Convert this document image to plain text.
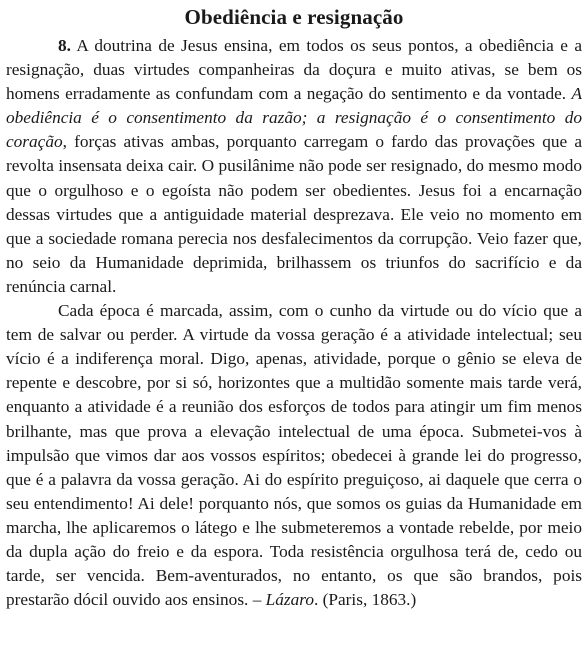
Obediência e resignação

8. A doutrina de Jesus ensina, em todos os seus pontos, a obediência e a resignação, duas virtudes companheiras da doçura e muito ativas, se bem os homens erradamente as confundam com a negação do sentimento e da vontade. A obediência é o consentimento da razão; a resignação é o consentimento do coração, forças ativas ambas, porquanto carregam o fardo das provações que a revolta insensata deixa cair. O pusilânime não pode ser resignado, do mesmo modo que o orgulhoso e o egoísta não podem ser obedientes. Jesus foi a encarnação dessas virtudes que a antiguidade material desprezava. Ele veio no momento em que a sociedade romana perecia nos desfalecimentos da corrupção. Veio fazer que, no seio da Humanidade deprimida, brilhassem os triunfos do sacrifício e da renúncia carnal.

Cada época é marcada, assim, com o cunho da virtude ou do vício que a tem de salvar ou perder. A virtude da vossa geração é a atividade intelectual; seu vício é a indiferença moral. Digo, apenas, atividade, porque o gênio se eleva de repente e descobre, por si só, horizontes que a multidão somente mais tarde verá, enquanto a atividade é a reunião dos esforços de todos para atingir um fim menos brilhante, mas que prova a elevação intelectual de uma época. Submetei-vos à impulsão que vimos dar aos vossos espíritos; obedecei à grande lei do progresso, que é a palavra da vossa geração. Ai do espírito preguiçoso, ai daquele que cerra o seu entendimento! Ai dele! porquanto nós, que somos os guias da Humanidade em marcha, lhe aplicaremos o látego e lhe submeteremos a vontade rebelde, por meio da dupla ação do freio e da espora. Toda resistência orgulhosa terá de, cedo ou tarde, ser vencida. Bem-aventurados, no entanto, os que são brandos, pois prestarão dócil ouvido aos ensinos. – Lázaro. (Paris, 1863.)
